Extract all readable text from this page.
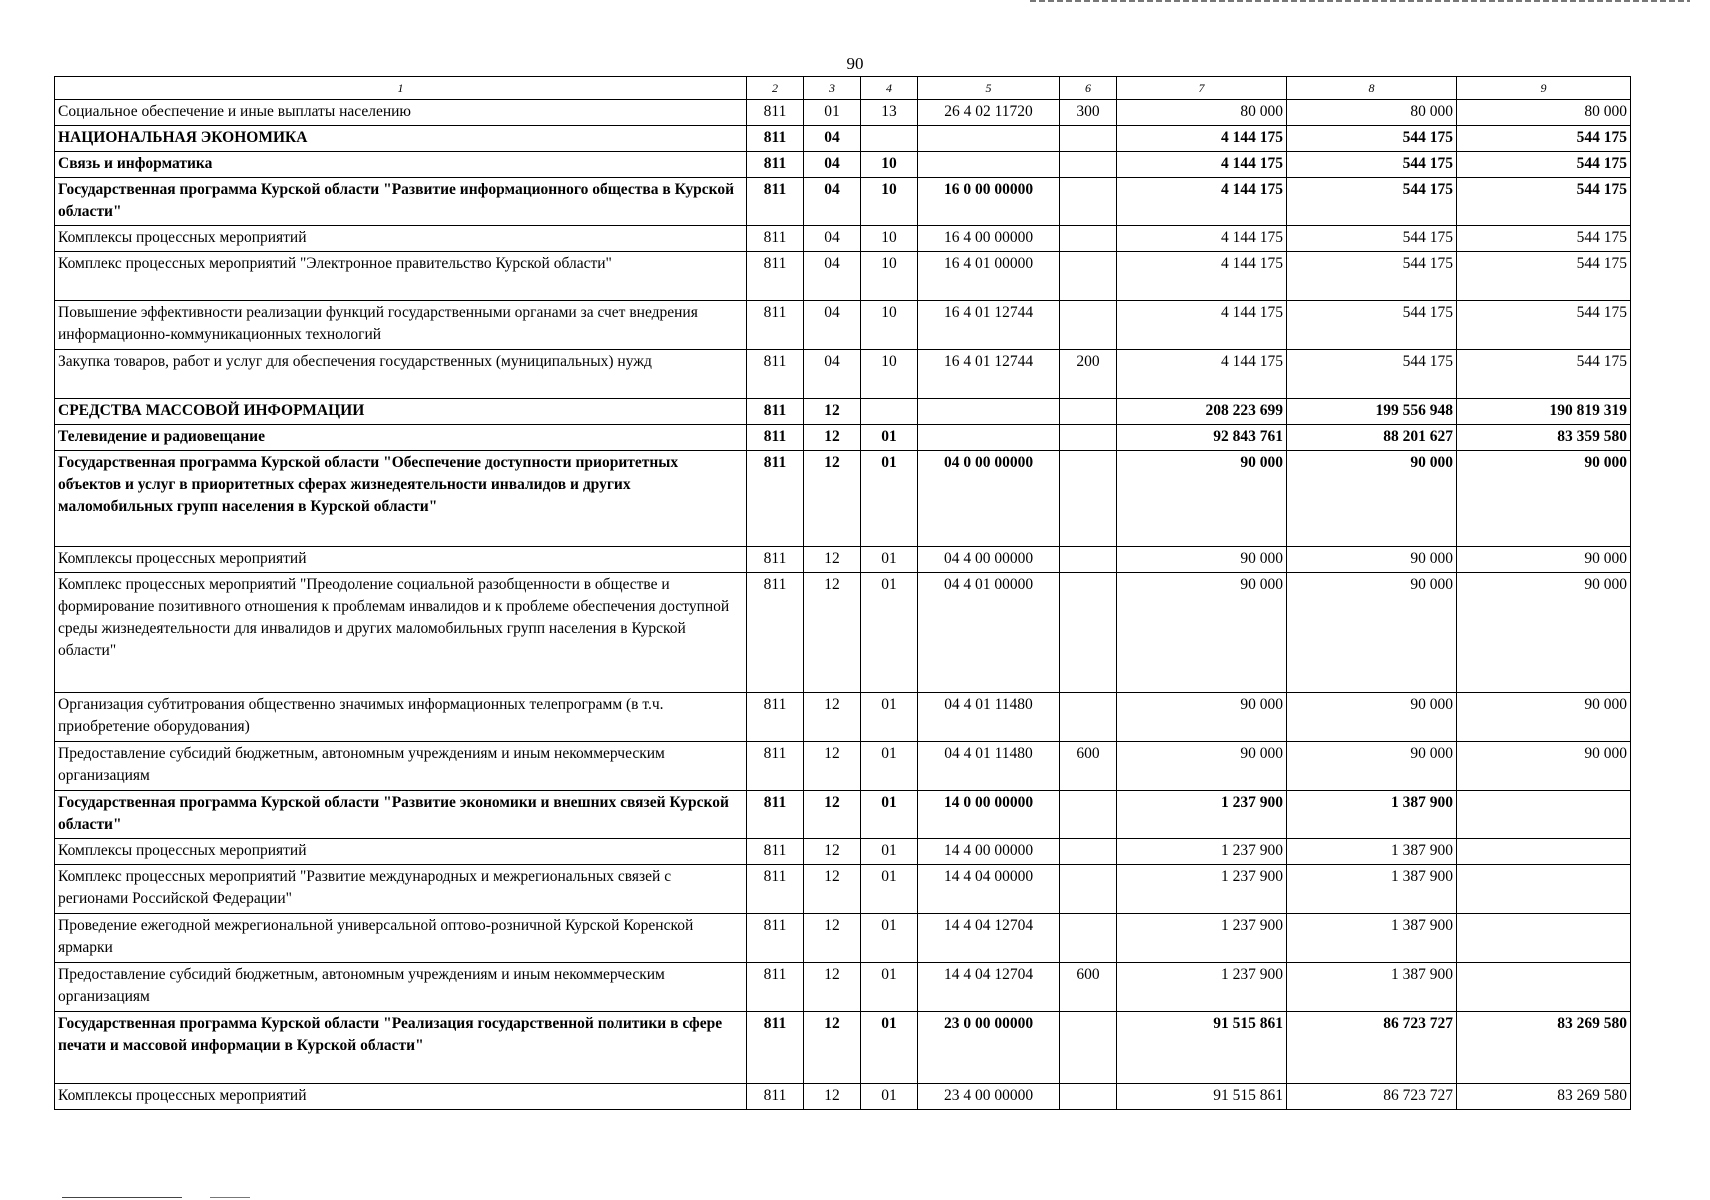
90
1	2	3	4	5	6	7	8	9
Социальное обеспечение и иные выплаты населению	811	01	13	26 4 02 11720	300	80 000	80 000	80 000
НАЦИОНАЛЬНАЯ ЭКОНОМИКА	811	04				4 144 175	544 175	544 175
Связь и информатика	811	04	10			4 144 175	544 175	544 175
Государственная программа Курской области "Развитие информационного общества в Курской области"	811	04	10	16 0 00 00000		4 144 175	544 175	544 175
Комплексы процессных мероприятий	811	04	10	16 4 00 00000		4 144 175	544 175	544 175
Комплекс процессных мероприятий "Электронное правительство Курской области"	811	04	10	16 4 01 00000		4 144 175	544 175	544 175
Повышение эффективности реализации функций государственными органами за счет внедрения информационно-коммуникационных технологий	811	04	10	16 4 01 12744		4 144 175	544 175	544 175
Закупка товаров, работ и услуг для обеспечения государственных (муниципальных) нужд	811	04	10	16 4 01 12744	200	4 144 175	544 175	544 175
СРЕДСТВА МАССОВОЙ ИНФОРМАЦИИ	811	12				208 223 699	199 556 948	190 819 319
Телевидение и радиовещание	811	12	01			92 843 761	88 201 627	83 359 580
Государственная программа Курской области "Обеспечение доступности приоритетных объектов и услуг в приоритетных сферах жизнедеятельности инвалидов и других маломобильных групп населения в Курской области"	811	12	01	04 0 00 00000		90 000	90 000	90 000
Комплексы процессных мероприятий	811	12	01	04 4 00 00000		90 000	90 000	90 000
Комплекс процессных мероприятий "Преодоление социальной разобщенности в обществе и формирование позитивного отношения к проблемам инвалидов и к проблеме обеспечения доступной среды жизнедеятельности для инвалидов и других маломобильных групп населения в Курской области"	811	12	01	04 4 01 00000		90 000	90 000	90 000
Организация субтитрования общественно значимых информационных телепрограмм (в т.ч. приобретение оборудования)	811	12	01	04 4 01 11480		90 000	90 000	90 000
Предоставление субсидий бюджетным, автономным учреждениям и иным некоммерческим организациям	811	12	01	04 4 01 11480	600	90 000	90 000	90 000
Государственная программа Курской области "Развитие экономики и внешних связей Курской области"	811	12	01	14 0 00 00000		1 237 900	1 387 900	
Комплексы процессных мероприятий	811	12	01	14 4 00 00000		1 237 900	1 387 900	
Комплекс процессных мероприятий "Развитие международных и межрегиональных связей с регионами Российской Федерации"	811	12	01	14 4 04 00000		1 237 900	1 387 900	
Проведение ежегодной межрегиональной универсальной оптово-розничной Курской Коренской ярмарки	811	12	01	14 4 04 12704		1 237 900	1 387 900	
Предоставление субсидий бюджетным, автономным учреждениям и иным некоммерческим организациям	811	12	01	14 4 04 12704	600	1 237 900	1 387 900	
Государственная программа Курской области "Реализация государственной политики в сфере печати и массовой информации в Курской области"	811	12	01	23 0 00 00000		91 515 861	86 723 727	83 269 580
Комплексы процессных мероприятий	811	12	01	23 4 00 00000		91 515 861	86 723 727	83 269 580
